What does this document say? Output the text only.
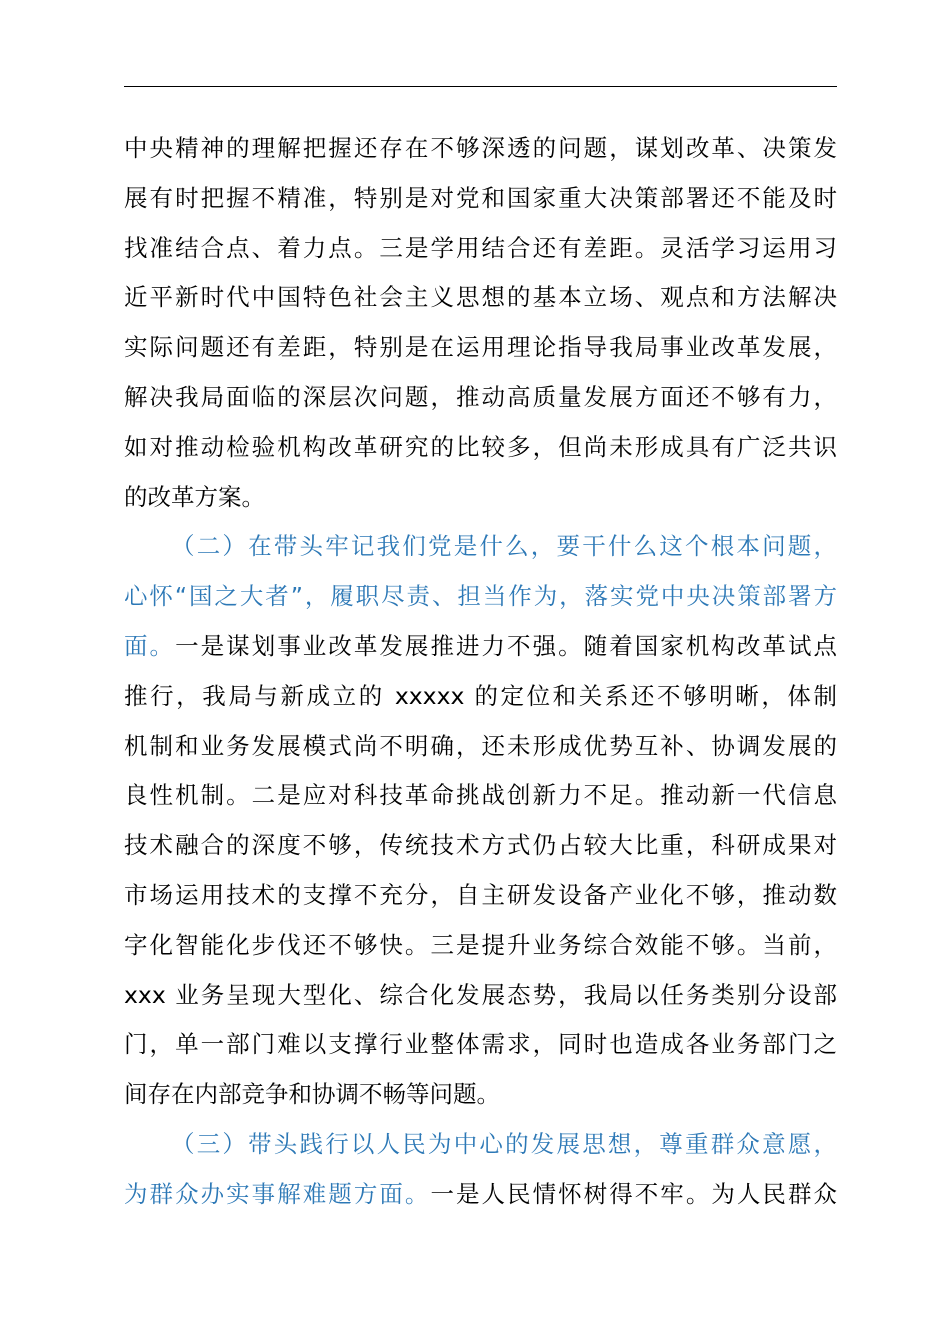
中央精神的理解把握还存在不够深透的问题，谋划改革、决策发
展有时把握不精准，特别是对党和国家重大决策部署还不能及时
找准结合点、着力点。三是学用结合还有差距。灵活学习运用习
近平新时代中国特色社会主义思想的基本立场、观点和方法解决
实际问题还有差距，特别是在运用理论指导我局事业改革发展，
解决我局面临的深层次问题，推动高质量发展方面还不够有力，
如对推动检验机构改革研究的比较多，但尚未形成具有广泛共识
的改革方案。

（二）在带头牢记我们党是什么，要干什么这个根本问题，
心怀“国之大者”，履职尽责、担当作为，落实党中央决策部署方
面。一是谋划事业改革发展推进力不强。随着国家机构改革试点
推行，我局与新成立的 xxxxx 的定位和关系还不够明晰，体制
机制和业务发展模式尚不明确，还未形成优势互补、协调发展的
良性机制。二是应对科技革命挑战创新力不足。推动新一代信息
技术融合的深度不够，传统技术方式仍占较大比重，科研成果对
市场运用技术的支撑不充分，自主研发设备产业化不够，推动数
字化智能化步伐还不够快。三是提升业务综合效能不够。当前，
xxx 业务呈现大型化、综合化发展态势，我局以任务类别分设部
门，单一部门难以支撑行业整体需求，同时也造成各业务部门之
间存在内部竞争和协调不畅等问题。

（三）带头践行以人民为中心的发展思想，尊重群众意愿，
为群众办实事解难题方面。一是人民情怀树得不牢。为人民群众
